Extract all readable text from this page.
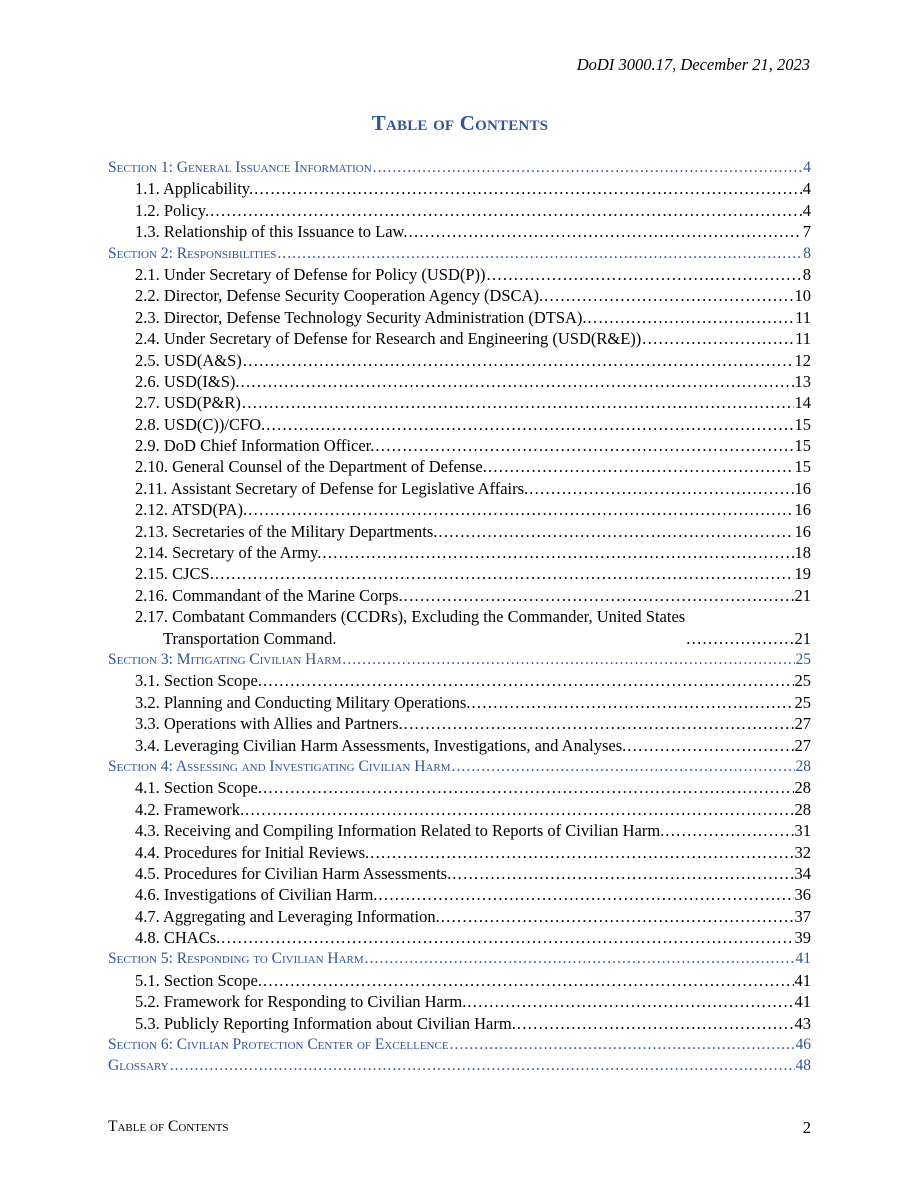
DoDI 3000.17, December 21, 2023
Table of Contents
Section 1: General Issuance Information . . .	4
1.1. Applicability. . . .	4
1.2. Policy. . . .	4
1.3. Relationship of this Issuance to Law. . . .	7
Section 2: Responsibilities . . .	8
2.1. Under Secretary of Defense for Policy (USD(P)) . . .	8
2.2. Director, Defense Security Cooperation Agency (DSCA). . . .	10
2.3. Director, Defense Technology Security Administration (DTSA). . . .	11
2.4. Under Secretary of Defense for Research and Engineering (USD(R&E)) . . .	11
2.5. USD(A&S) . . .	12
2.6. USD(I&S). . . .	13
2.7. USD(P&R) . . .	14
2.8. USD(C))/CFO. . . .	15
2.9. DoD Chief Information Officer. . . .	15
2.10. General Counsel of the Department of Defense. . . .	15
2.11. Assistant Secretary of Defense for Legislative Affairs. . . .	16
2.12. ATSD(PA). . . .	16
2.13. Secretaries of the Military Departments. . . .	16
2.14. Secretary of the Army. . . .	18
2.15. CJCS. . . .	19
2.16. Commandant of the Marine Corps. . . .	21
2.17. Combatant Commanders (CCDRs), Excluding the Commander, United States
Transportation Command. . . .	21
Section 3: Mitigating Civilian Harm . . .	25
3.1. Section Scope. . . .	25
3.2. Planning and Conducting Military Operations. . . .	25
3.3. Operations with Allies and Partners. . . .	27
3.4. Leveraging Civilian Harm Assessments, Investigations, and Analyses. . . .	27
Section 4: Assessing and Investigating Civilian Harm . . .	28
4.1. Section Scope. . . .	28
4.2. Framework. . . .	28
4.3. Receiving and Compiling Information Related to Reports of Civilian Harm. . . .	31
4.4. Procedures for Initial Reviews. . . .	32
4.5. Procedures for Civilian Harm Assessments. . . .	34
4.6. Investigations of Civilian Harm. . . .	36
4.7. Aggregating and Leveraging Information. . . .	37
4.8. CHACs. . . .	39
Section 5: Responding to Civilian Harm . . .	41
5.1. Section Scope. . . .	41
5.2. Framework for Responding to Civilian Harm. . . .	41
5.3. Publicly Reporting Information about Civilian Harm. . . .	43
Section 6: Civilian Protection Center of Excellence . . .	46
Glossary . . .	48
Table of Contents	2
